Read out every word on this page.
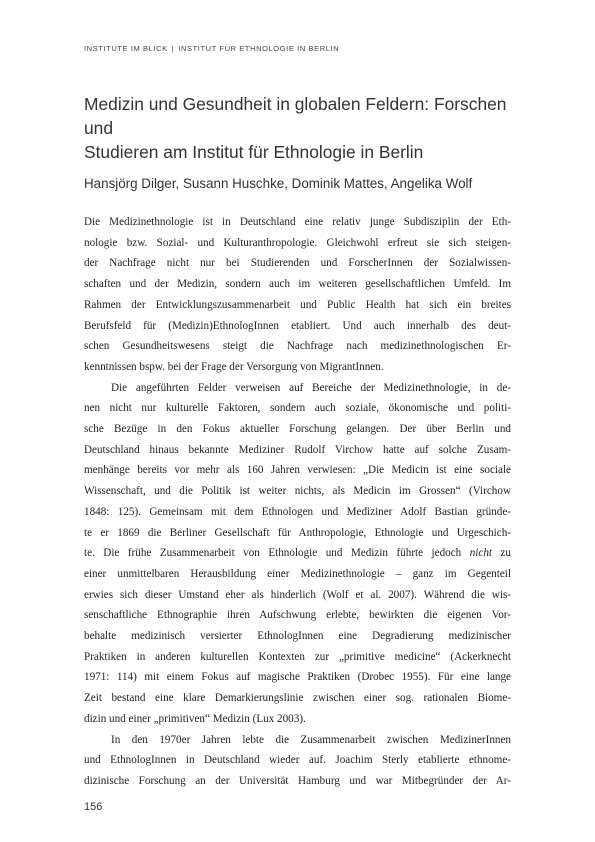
INSTITUTE IM BLICK | INSTITUT FÜR ETHNOLOGIE IN BERLIN
Medizin und Gesundheit in globalen Feldern: Forschen und
Studieren am Institut für Ethnologie in Berlin

Hansjörg Dilger, Susann Huschke, Dominik Mattes, Angelika Wolf

Die Medizinethnologie ist in Deutschland eine relativ junge Subdisziplin der Eth-
nologie bzw. Sozial- und Kulturanthropologie. Gleichwohl erfreut sie sich steigen-
der Nachfrage nicht nur bei Studierenden und ForscherInnen der Sozialwissen-
schaften und der Medizin, sondern auch im weiteren gesellschaftlichen Umfeld. Im
Rahmen der Entwicklungszusammenarbeit und Public Health hat sich ein breites
Berufsfeld für (Medizin)EthnologInnen etabliert. Und auch innerhalb des deut-
schen Gesundheitswesens steigt die Nachfrage nach medizinethnologischen Er-
kenntnissen bspw. bei der Frage der Versorgung von MigrantInnen.
Die angeführten Felder verweisen auf Bereiche der Medizinethnologie, in de-
nen nicht nur kulturelle Faktoren, sondern auch soziale, ökonomische und politi-
sche Bezüge in den Fokus aktueller Forschung gelangen. Der über Berlin und
Deutschland hinaus bekannte Mediziner Rudolf Virchow hatte auf solche Zusam-
menhänge bereits vor mehr als 160 Jahren verwiesen: „Die Medicin ist eine sociale
Wissenschaft, und die Politik ist weiter nichts, als Medicin im Grossen“ (Virchow
1848: 125). Gemeinsam mit dem Ethnologen und Mediziner Adolf Bastian gründe-
te er 1869 die Berliner Gesellschaft für Anthropologie, Ethnologie und Urgeschich-
te. Die frühe Zusammenarbeit von Ethnologie und Medizin führte jedoch nicht zu
einer unmittelbaren Herausbildung einer Medizinethnologie – ganz im Gegenteil
erwies sich dieser Umstand eher als hinderlich (Wolf et al. 2007). Während die wis-
senschaftliche Ethnographie ihren Aufschwung erlebte, bewirkten die eigenen Vor-
behalte medizinisch versierter EthnologInnen eine Degradierung medizinischer
Praktiken in anderen kulturellen Kontexten zur „primitive medicine“ (Ackerknecht
1971: 114) mit einem Fokus auf magische Praktiken (Drobec 1955). Für eine lange
Zeit bestand eine klare Demarkierungslinie zwischen einer sog. rationalen Biome-
dizin und einer „primitiven“ Medizin (Lux 2003).
In den 1970er Jahren lebte die Zusammenarbeit zwischen MedizinerInnen
und EthnologInnen in Deutschland wieder auf. Joachim Sterly etablierte ethnome-
dizinische Forschung an der Universität Hamburg und war Mitbegründer der Ar-
156
